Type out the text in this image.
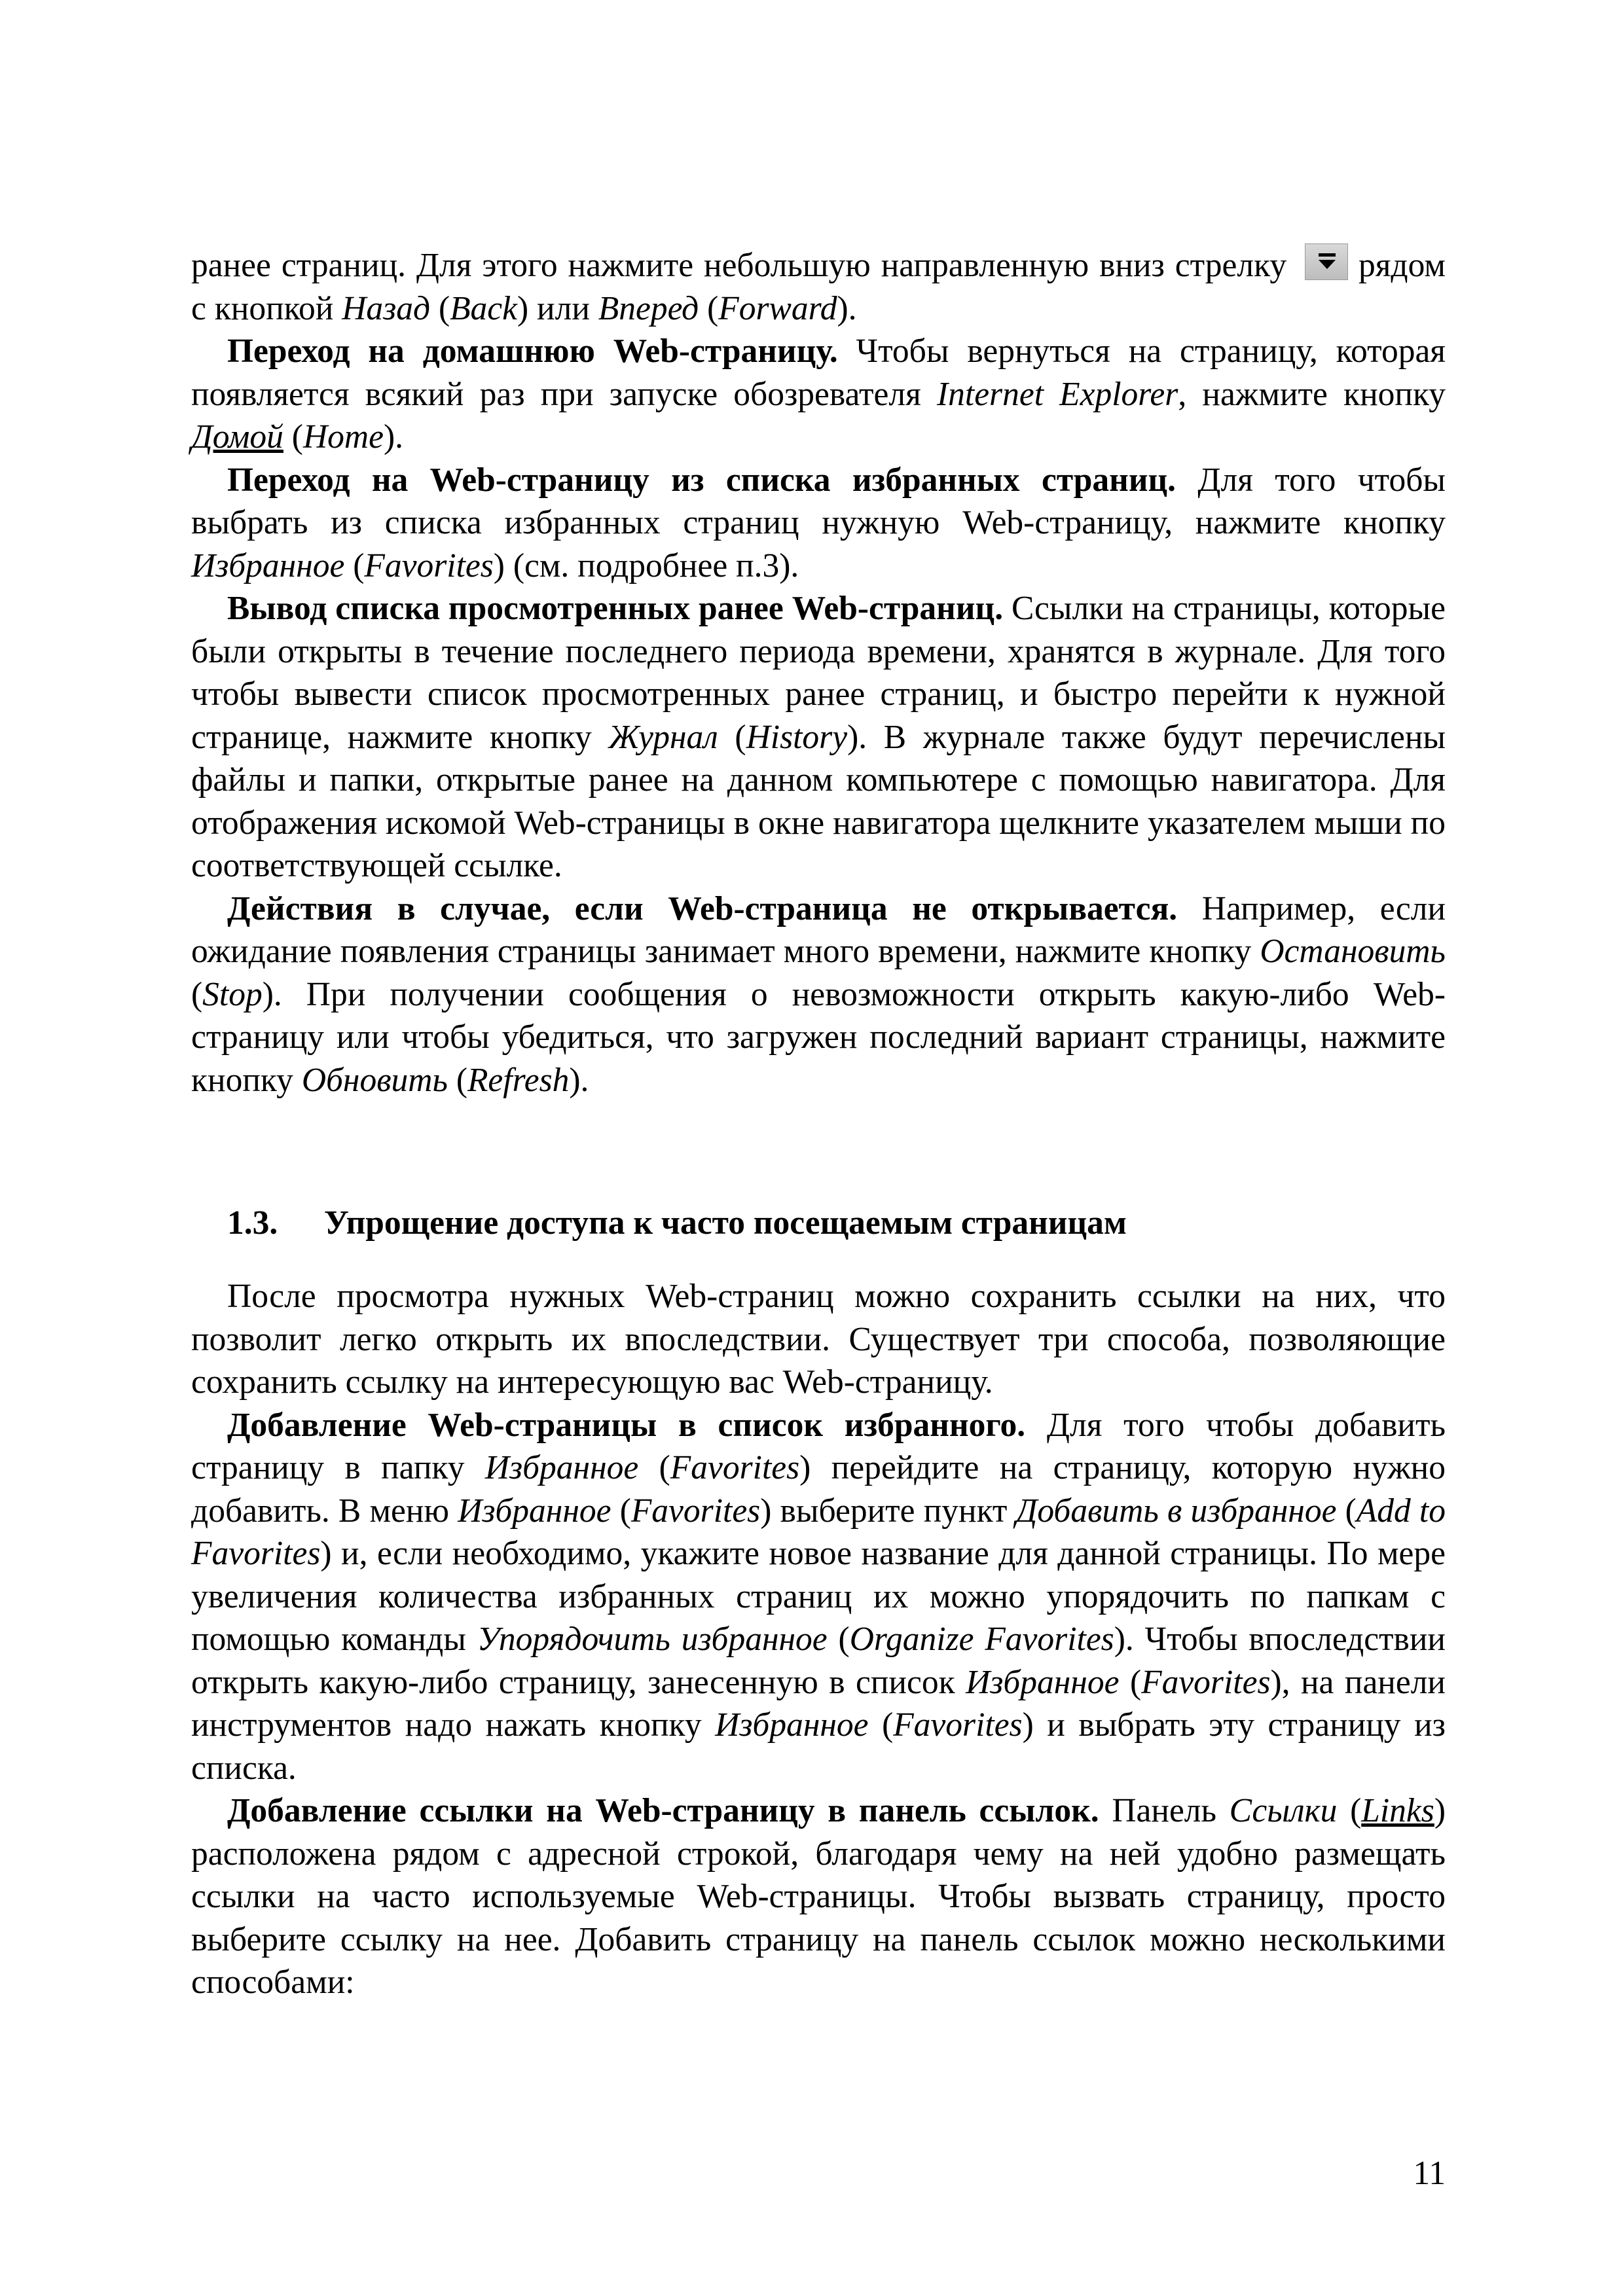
ранее страниц. Для этого нажмите небольшую направленную вниз стрелку
рядом с кнопкой Назад (Back) или Вперед (Forward).

Переход на домашнюю Web-страницу. Чтобы вернуться на страницу, которая появляется всякий раз при запуске обозревателя Internet Explorer, нажмите кнопку Домой (Home).

Переход на Web-страницу из списка избранных страниц. Для того чтобы выбрать из списка избранных страниц нужную Web-страницу, нажмите кнопку Избранное (Favorites) (см. подробнее п.3).

Вывод списка просмотренных ранее Web-страниц. Ссылки на страницы, которые были открыты в течение последнего периода времени, хранятся в журнале. Для того чтобы вывести список просмотренных ранее страниц, и быстро перейти к нужной странице, нажмите кнопку Журнал (History). В журнале также будут перечислены файлы и папки, открытые ранее на данном компьютере с помощью навигатора. Для отображения искомой Web-страницы в окне навигатора щелкните указателем мыши по соответствующей ссылке.

Действия в случае, если Web-страница не открывается. Например, если ожидание появления страницы занимает много времени, нажмите кнопку Остановить (Stop). При получении сообщения о невозможности открыть какую-либо Web-страницу или чтобы убедиться, что загружен последний вариант страницы, нажмите кнопку Обновить (Refresh).

1.3. Упрощение доступа к часто посещаемым страницам

После просмотра нужных Web-страниц можно сохранить ссылки на них, что позволит легко открыть их впоследствии. Существует три способа, позволяющие сохранить ссылку на интересующую вас Web-страницу.

Добавление Web-страницы в список избранного. Для того чтобы добавить страницу в папку Избранное (Favorites) перейдите на страницу, которую нужно добавить. В меню Избранное (Favorites) выберите пункт Добавить в избранное (Add to Favorites) и, если необходимо, укажите новое название для данной страницы. По мере увеличения количества избранных страниц их можно упорядочить по папкам с помощью команды Упорядочить избранное (Organize Favorites). Чтобы впоследствии открыть какую-либо страницу, занесенную в список Избранное (Favorites), на панели инструментов надо нажать кнопку Избранное (Favorites) и выбрать эту страницу из списка.

Добавление ссылки на Web-страницу в панель ссылок. Панель Ссылки (Links) расположена рядом с адресной строкой, благодаря чему на ней удобно размещать ссылки на часто используемые Web-страницы. Чтобы вызвать страницу, просто выберите ссылку на нее. Добавить страницу на панель ссылок можно несколькими способами:

11
